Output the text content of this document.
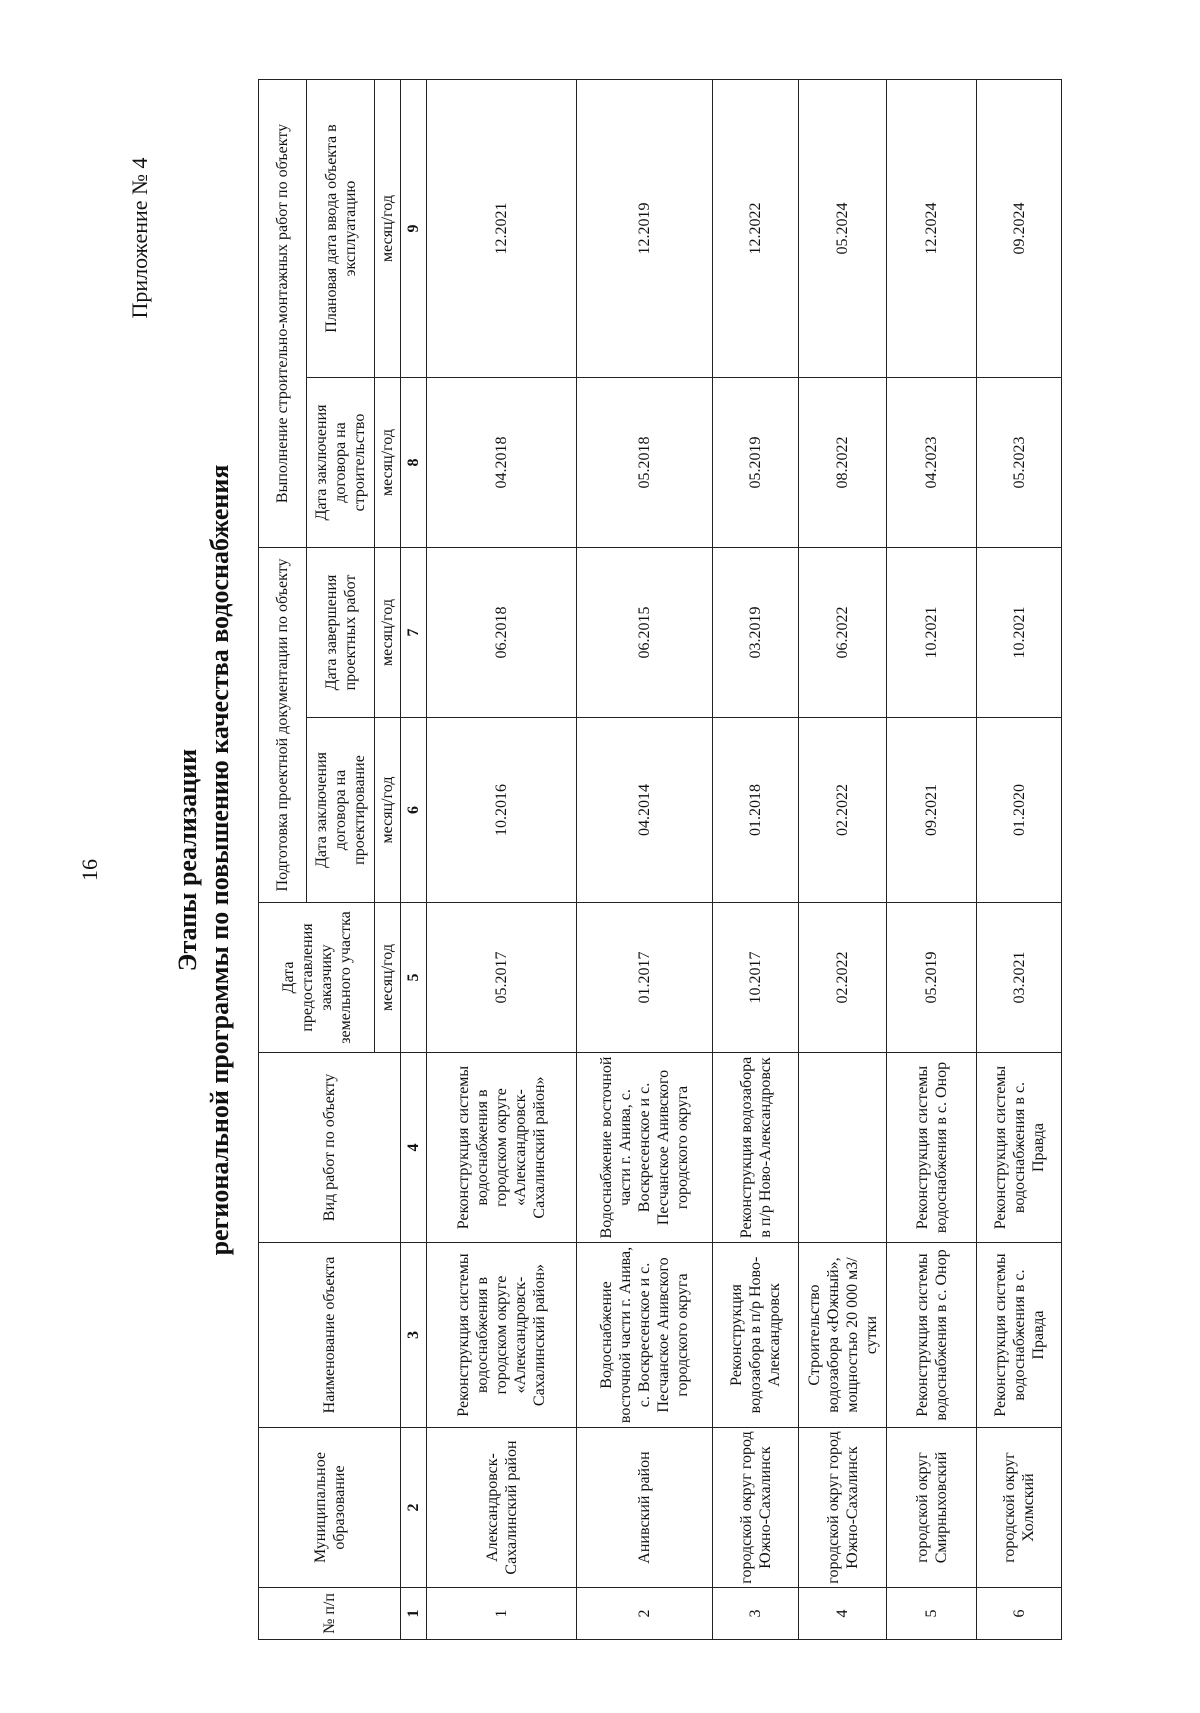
16
Приложение № 4
Этапы реализации региональной программы по повышению качества водоснабжения
№ п/п	Муниципальное образование	Наименование объекта	Вид работ по объекту	Дата предоставления заказчику земельного участка	Подготовка проектной документации по объекту		Выполнение строительно-монтажных работ по объекту	
					Дата заключения договора на проектирование	Дата завершения проектных работ	Дата заключения договора на строительство	Плановая дата ввода объекта в эксплуатацию
				месяц/год	месяц/год	месяц/год	месяц/год	месяц/год
1	2	3	4	5	6	7	8	9
1	Александровск-Сахалинский район	Реконструкция системы водоснабжения в городском округе «Александровск-Сахалинский район»	Реконструкция системы водоснабжения в городском округе «Александровск-Сахалинский район»	05.2017	10.2016	06.2018	04.2018	12.2021
2	Анивский район	Водоснабжение восточной части г. Анива, с. Воскресенское и с. Песчанское Анивского городского округа	Водоснабжение восточной части г. Анива, с. Воскресенское и с. Песчанское Анивского городского округа	01.2017	04.2014	06.2015	05.2018	12.2019
3	городской округ город Южно-Сахалинск	Реконструкция водозабора в п/р Ново-Александровск	Реконструкция водозабора в п/р Ново-Александровск	10.2017	01.2018	03.2019	05.2019	12.2022
4	городской округ город Южно-Сахалинск	Строительство водозабора «Южный», мощностью 20 000 м3/сутки		02.2022	02.2022	06.2022	08.2022	05.2024
5	городской округ Смирныховский	Реконструкция системы водоснабжения в с. Онор	Реконструкция системы водоснабжения в с. Онор	05.2019	09.2021	10.2021	04.2023	12.2024
6	городской округ Холмский	Реконструкция системы водоснабжения в с. Правда	Реконструкция системы водоснабжения в с. Правда	03.2021	01.2020	10.2021	05.2023	09.2024
